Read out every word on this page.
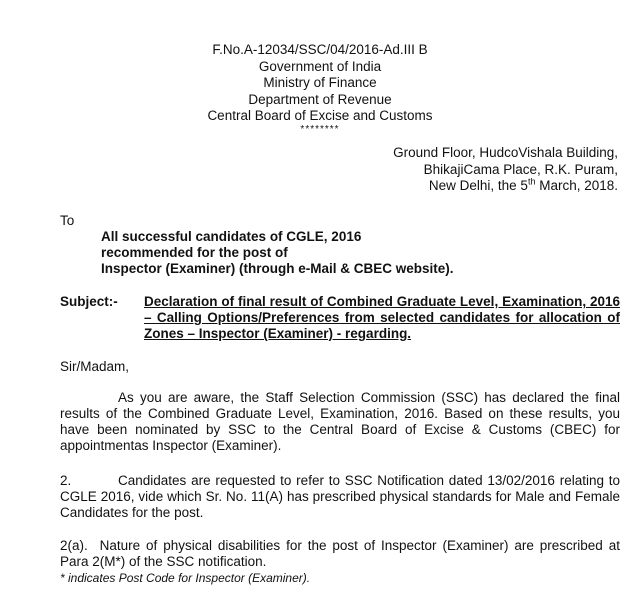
F.No.A-12034/SSC/04/2016-Ad.III B
Government of India
Ministry of Finance
Department of Revenue
Central Board of Excise and Customs
********
Ground Floor, HudcoVishala Building,
BhikajiCama Place, R.K. Puram,
New Delhi, the 5th March, 2018.
To
All successful candidates of CGLE, 2016
recommended for the post of
Inspector (Examiner) (through e-Mail & CBEC website).
Subject:- Declaration of final result of Combined Graduate Level, Examination, 2016 – Calling Options/Preferences from selected candidates for allocation of Zones – Inspector (Examiner) - regarding.
Sir/Madam,
As you are aware, the Staff Selection Commission (SSC) has declared the final results of the Combined Graduate Level, Examination, 2016. Based on these results, you have been nominated by SSC to the Central Board of Excise & Customs (CBEC) for appointmentas Inspector (Examiner).
2.	Candidates are requested to refer to SSC Notification dated 13/02/2016 relating to CGLE 2016, vide which Sr. No. 11(A) has prescribed physical standards for Male and Female Candidates for the post.
2(a). Nature of physical disabilities for the post of Inspector (Examiner) are prescribed at Para 2(M*) of the SSC notification.
* indicates Post Code for Inspector (Examiner).
